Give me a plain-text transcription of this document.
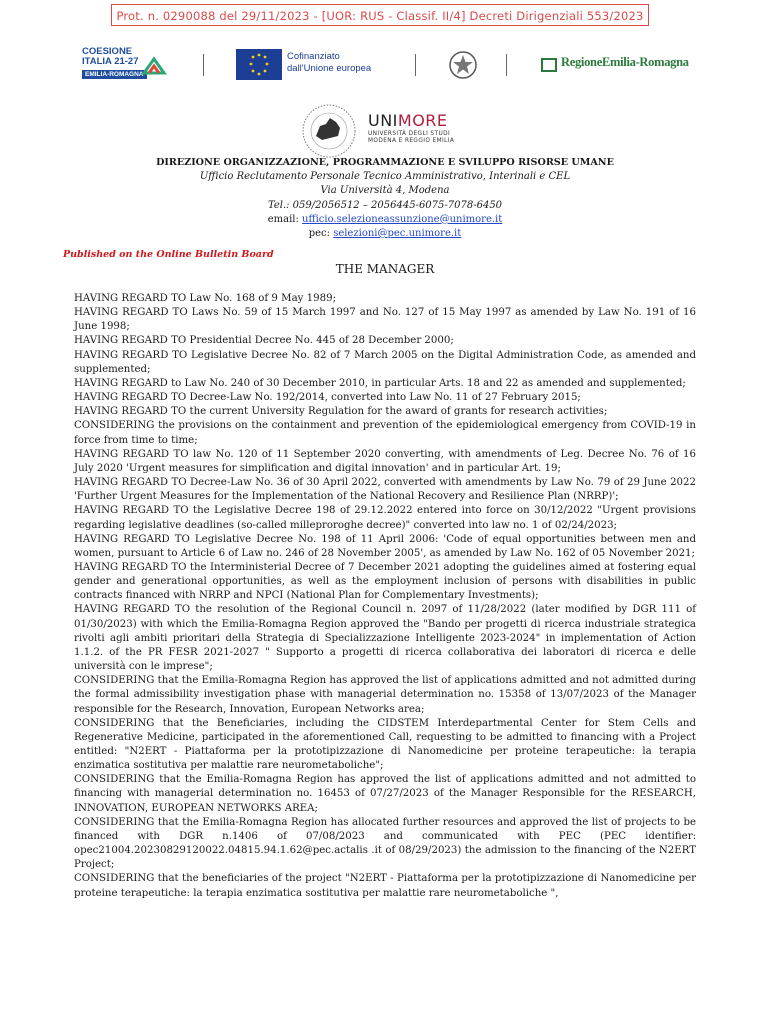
Prot. n. 0290088 del 29/11/2023 - [UOR: RUS - Classif. II/4] Decreti Dirigenziali 553/2023
COESIONE
ITALIA 21-27
EMILIA-ROMAGNA
Cofinanziato
dall'Unione europea	RegioneEmilia-Romagna
UNIMORE
UNIVERSITÀ DEGLI STUDI
MODENA E REGGIO EMILIA
DIREZIONE ORGANIZZAZIONE, PROGRAMMAZIONE E SVILUPPO RISORSE UMANE
Ufficio Reclutamento Personale Tecnico Amministrativo, Interinali e CEL
Via Università 4, Modena
Tel.: 059/2056512 – 2056445-6075-7078-6450
email: ufficio.selezioneassunzione@unimore.it
pec: selezioni@pec.unimore.it
Published on the Online Bulletin Board
THE MANAGER

HAVING REGARD TO Law No. 168 of 9 May 1989;

HAVING REGARD TO Laws No. 59 of 15 March 1997 and No. 127 of 15 May 1997 as amended by Law No. 191 of 16 June 1998;

HAVING REGARD TO Presidential Decree No. 445 of 28 December 2000;

HAVING REGARD TO Legislative Decree No. 82 of 7 March 2005 on the Digital Administration Code, as amended and supplemented;

HAVING REGARD to Law No. 240 of 30 December 2010, in particular Arts. 18 and 22 as amended and supplemented;

HAVING REGARD TO Decree-Law No. 192/2014, converted into Law No. 11 of 27 February 2015;

HAVING REGARD TO the current University Regulation for the award of grants for research activities;

CONSIDERING the provisions on the containment and prevention of the epidemiological emergency from COVID-19 in force from time to time;

HAVING REGARD TO law No. 120 of 11 September 2020 converting, with amendments of Leg. Decree No. 76 of 16 July 2020 'Urgent measures for simplification and digital innovation' and in particular Art. 19;

HAVING REGARD TO Decree-Law No. 36 of 30 April 2022, converted with amendments by Law No. 79 of 29 June 2022 'Further Urgent Measures for the Implementation of the National Recovery and Resilience Plan (NRRP)';

HAVING REGARD TO the Legislative Decree 198 of 29.12.2022 entered into force on 30/12/2022 "Urgent provisions regarding legislative deadlines (so-called milleproroghe decree)" converted into law no. 1 of 02/24/2023;

HAVING REGARD TO Legislative Decree No. 198 of 11 April 2006: 'Code of equal opportunities between men and women, pursuant to Article 6 of Law no. 246 of 28 November 2005', as amended by Law No. 162 of 05 November 2021;

HAVING REGARD TO the Interministerial Decree of 7 December 2021 adopting the guidelines aimed at fostering equal gender and generational opportunities, as well as the employment inclusion of persons with disabilities in public contracts financed with NRRP and NPCI (National Plan for Complementary Investments);

HAVING REGARD TO the resolution of the Regional Council n. 2097 of 11/28/2022 (later modified by DGR 111 of 01/30/2023) with which the Emilia-Romagna Region approved the "Bando per progetti di ricerca industriale strategica rivolti agli ambiti prioritari della Strategia di Specializzazione Intelligente 2023-2024" in implementation of Action 1.1.2. of the PR FESR 2021-2027 " Supporto a progetti di ricerca collaborativa dei laboratori di ricerca e delle università con le imprese";

CONSIDERING that the Emilia-Romagna Region has approved the list of applications admitted and not admitted during the formal admissibility investigation phase with managerial determination no. 15358 of 13/07/2023 of the Manager responsible for the Research, Innovation, European Networks area;

CONSIDERING that the Beneficiaries, including the CIDSTEM Interdepartmental Center for Stem Cells and Regenerative Medicine, participated in the aforementioned Call, requesting to be admitted to financing with a Project entitled: "N2ERT - Piattaforma per la prototipizzazione di Nanomedicine per proteine terapeutiche: la terapia enzimatica sostitutiva per malattie rare neurometaboliche";

CONSIDERING that the Emilia-Romagna Region has approved the list of applications admitted and not admitted to financing with managerial determination no. 16453 of 07/27/2023 of the Manager Responsible for the RESEARCH, INNOVATION, EUROPEAN NETWORKS AREA;

CONSIDERING that the Emilia-Romagna Region has allocated further resources and approved the list of projects to be financed with DGR n.1406 of 07/08/2023 and communicated with PEC (PEC identifier: opec21004.20230829120022.04815.94.1.62@pec.actalis .it of 08/29/2023) the admission to the financing of the N2ERT Project;

CONSIDERING that the beneficiaries of the project "N2ERT - Piattaforma per la prototipizzazione di Nanomedicine per proteine terapeutiche: la terapia enzimatica sostitutiva per malattie rare neurometaboliche ",
